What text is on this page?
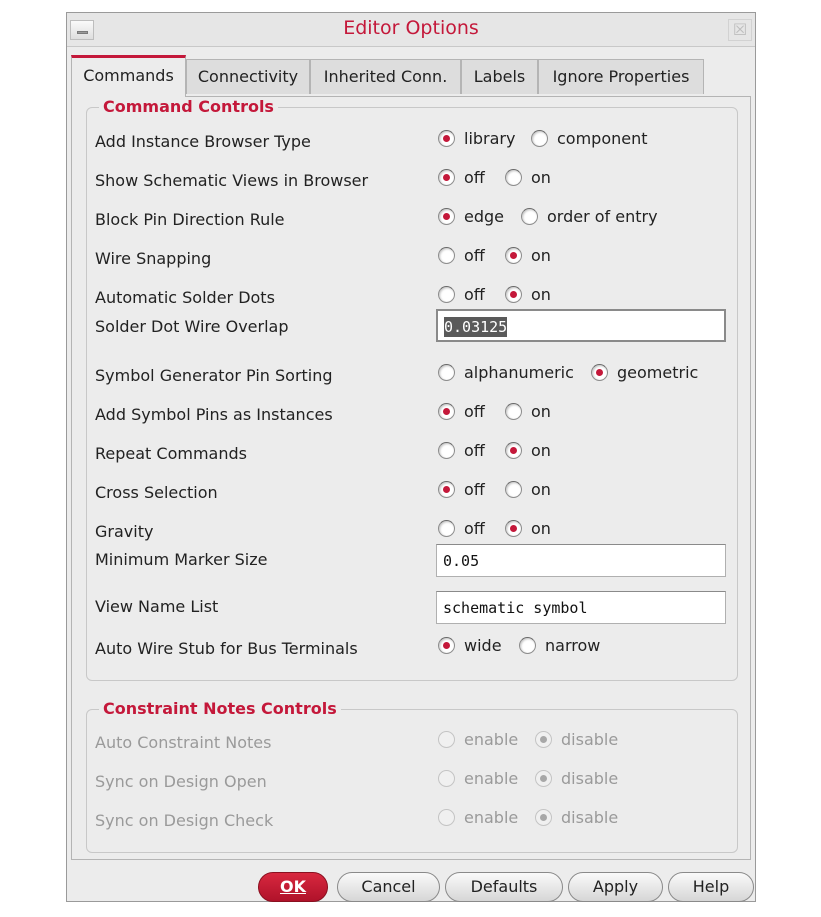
Editor Options	☒
Commands	Connectivity	Inherited Conn.	Labels	Ignore Properties
Command Controls
Constraint Notes Controls
OK	Cancel	Defaults	Apply	Help
Add Instance Browser Type	library	component
Show Schematic Views in Browser	off	on
Block Pin Direction Rule	edge	order of entry
Wire Snapping	off	on
Automatic Solder Dots	off	on
Solder Dot Wire Overlap	0.03125
Symbol Generator Pin Sorting	alphanumeric	geometric
Add Symbol Pins as Instances	off	on
Repeat Commands	off	on
Cross Selection	off	on
Gravity	off	on
Minimum Marker Size	0.05
View Name List	schematic symbol
Auto Wire Stub for Bus Terminals	wide	narrow
Auto Constraint Notes	enable	disable
Sync on Design Open	enable	disable
Sync on Design Check	enable	disable
